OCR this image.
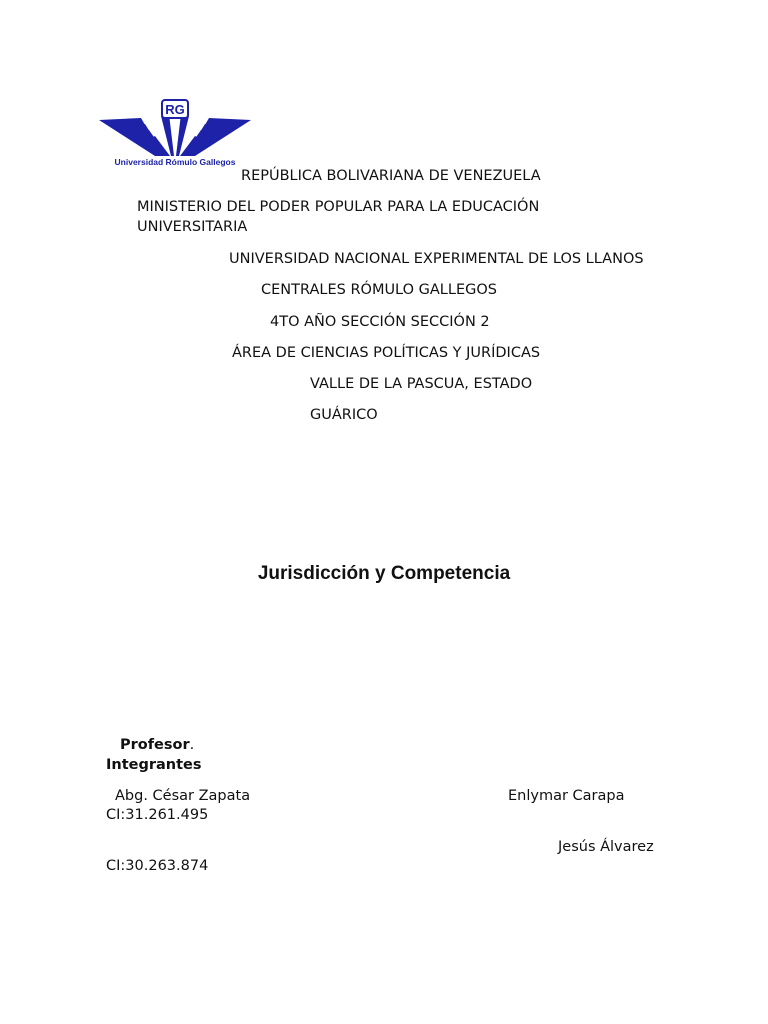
RG
Universidad Rómulo Gallegos
REPÚBLICA BOLIVARIANA DE VENEZUELA
MINISTERIO DEL PODER POPULAR PARA LA EDUCACIÓN
UNIVERSITARIA
UNIVERSIDAD NACIONAL EXPERIMENTAL DE LOS LLANOS
CENTRALES RÓMULO GALLEGOS
4TO AÑO SECCIÓN SECCIÓN 2
ÁREA DE CIENCIAS POLÍTICAS Y JURÍDICAS
VALLE DE LA PASCUA, ESTADO
GUÁRICO
Jurisdicción y Competencia
Profesor.
Integrantes
Abg. César Zapata	Enlymar Carapa
CI:31.261.495
Jesús Álvarez
CI:30.263.874
